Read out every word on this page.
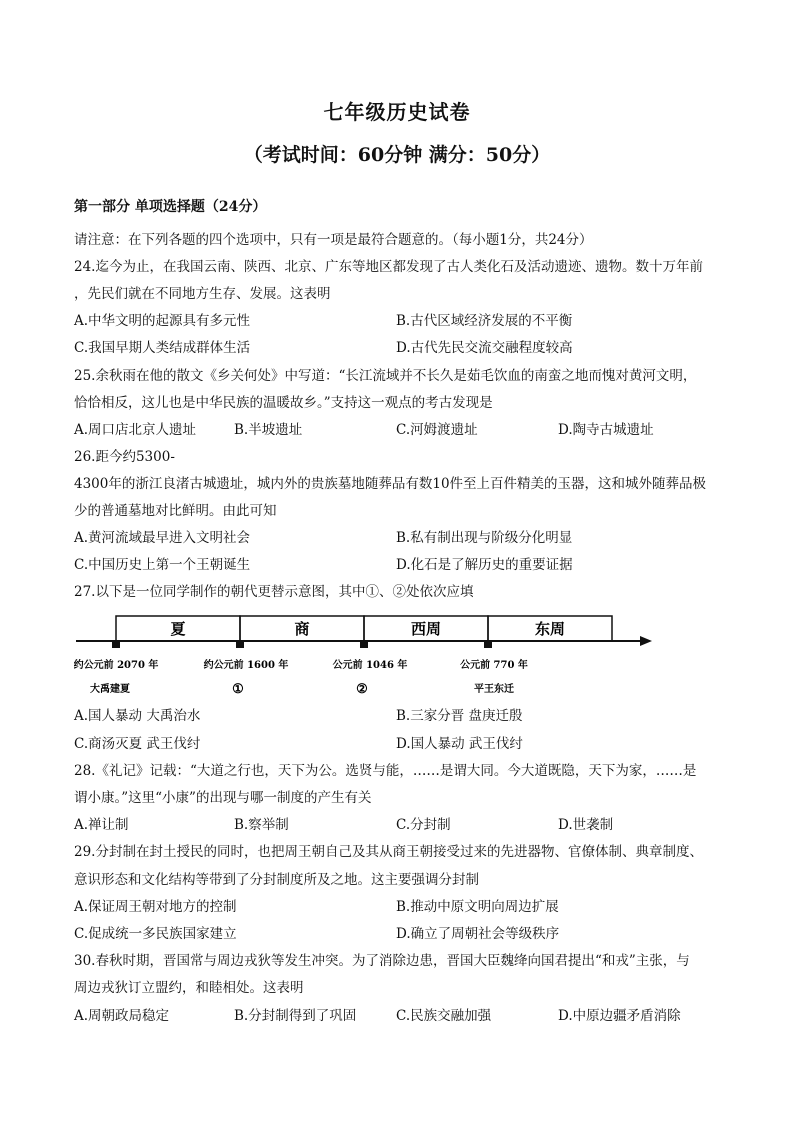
七年级历史试卷
（考试时间：60分钟 满分：50分）
第一部分 单项选择题（24分）
请注意：在下列各题的四个选项中，只有一项是最符合题意的。（每小题1分，共24分）
24.迄今为止，在我国云南、陕西、北京、广东等地区都发现了古人类化石及活动遗迹、遗物。数十万年前
，先民们就在不同地方生存、发展。这表明
A.中华文明的起源具有多元性	B.古代区域经济发展的不平衡
C.我国早期人类结成群体生活	D.古代先民交流交融程度较高
25.余秋雨在他的散文《乡关何处》中写道：“长江流域并不长久是茹毛饮血的南蛮之地而愧对黄河文明，
恰恰相反，这儿也是中华民族的温暖故乡。”支持这一观点的考古发现是
A.周口店北京人遗址	B.半坡遗址	C.河姆渡遗址	D.陶寺古城遗址
26.距今约5300-
4300年的浙江良渚古城遗址，城内外的贵族墓地随葬品有数10件至上百件精美的玉器，这和城外随葬品极
少的普通墓地对比鲜明。由此可知
A.黄河流域最早进入文明社会	B.私有制出现与阶级分化明显
C.中国历史上第一个王朝诞生	D.化石是了解历史的重要证据
27.以下是一位同学制作的朝代更替示意图，其中①、②处依次应填
夏	商	西周	东周
约公元前 2070 年	约公元前 1600 年	公元前 1046 年	公元前 770 年
大禹建夏	①	②	平王东迁
A.国人暴动 大禹治水	B.三家分晋 盘庚迁殷
C.商汤灭夏 武王伐纣	D.国人暴动 武王伐纣
28.《礼记》记载：“大道之行也，天下为公。选贤与能，……是谓大同。今大道既隐，天下为家，……是
谓小康。”这里“小康”的出现与哪一制度的产生有关
A.禅让制	B.察举制	C.分封制	D.世袭制
29.分封制在封土授民的同时，也把周王朝自己及其从商王朝接受过来的先进器物、官僚体制、典章制度、
意识形态和文化结构等带到了分封制度所及之地。这主要强调分封制
A.保证周王朝对地方的控制	B.推动中原文明向周边扩展
C.促成统一多民族国家建立	D.确立了周朝社会等级秩序
30.春秋时期，晋国常与周边戎狄等发生冲突。为了消除边患，晋国大臣魏绛向国君提出“和戎”主张，与
周边戎狄订立盟约，和睦相处。这表明
A.周朝政局稳定	B.分封制得到了巩固	C.民族交融加强	D.中原边疆矛盾消除
